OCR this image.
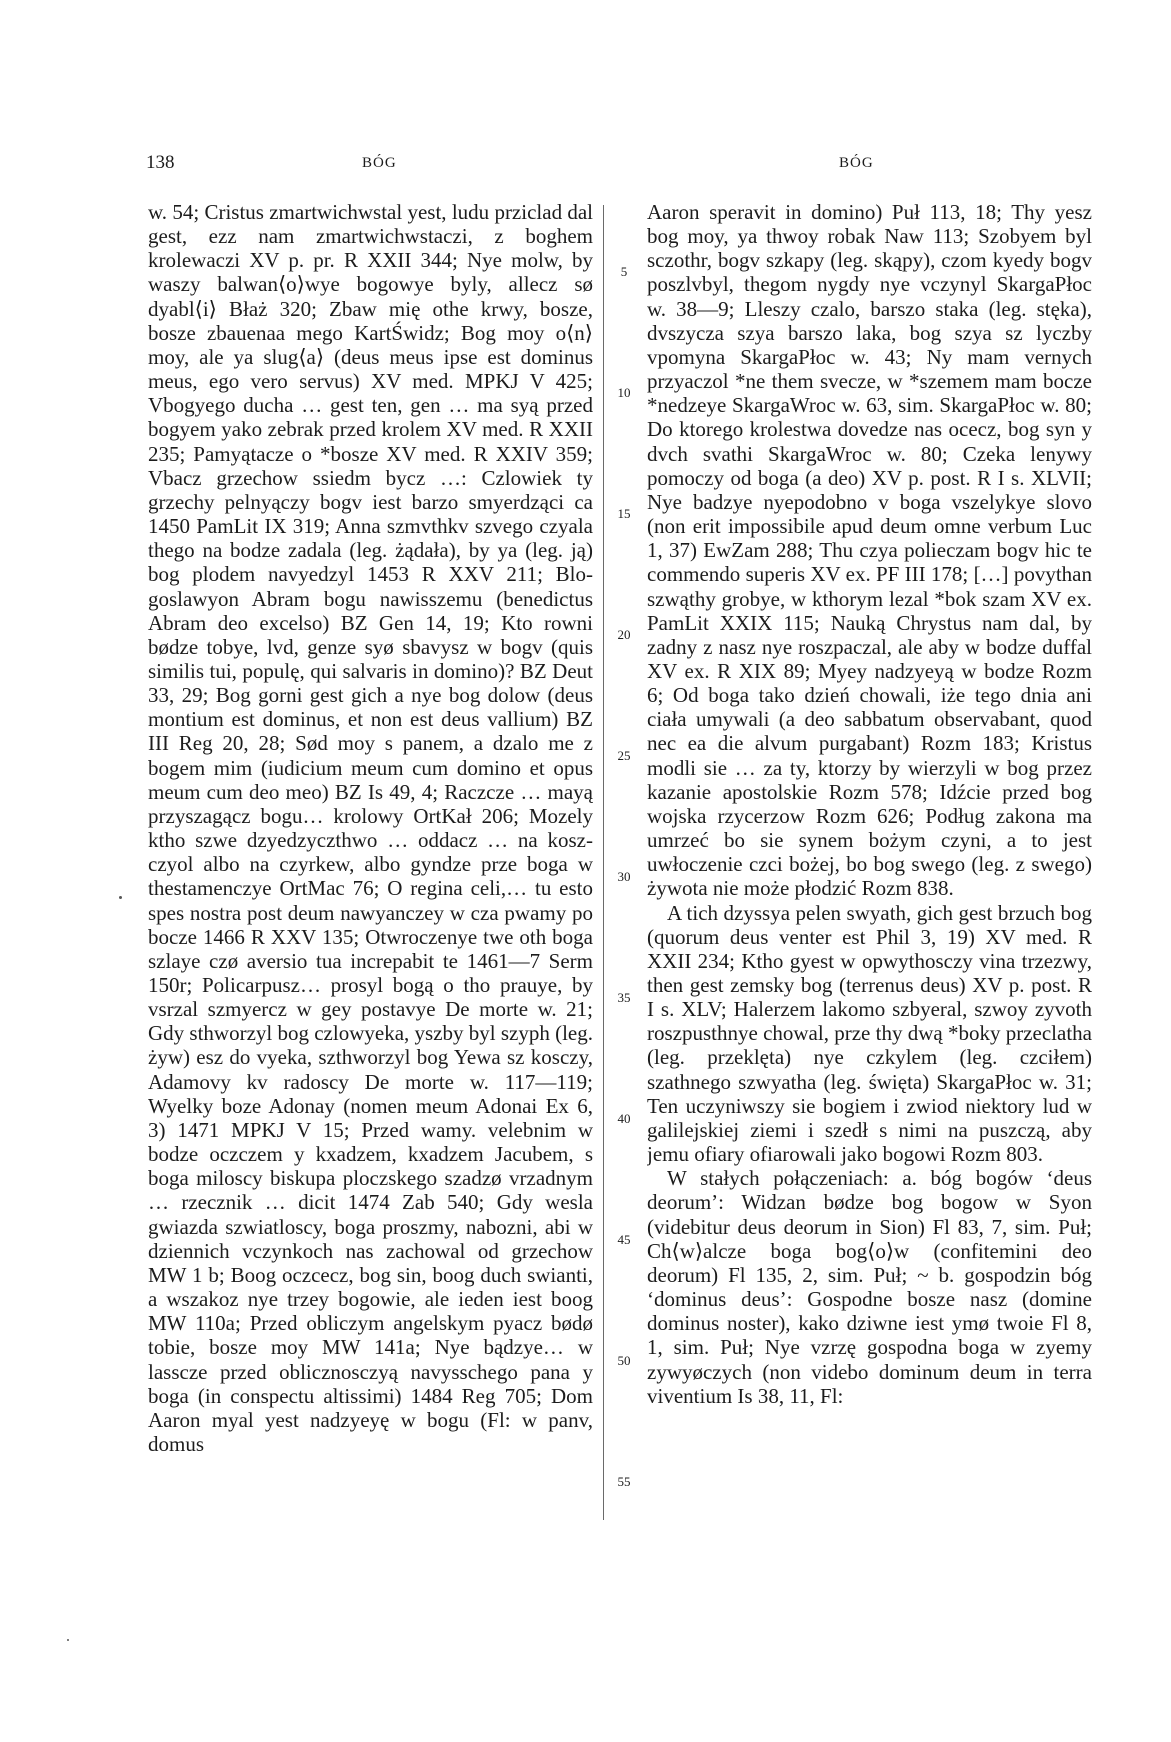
138	BÓG	BÓG

w. 54; Cristus zmartwichwstal yest, ludu prziclad dal gest, ezz nam zmartwichwstaczi, z boghem krolewaczi XV p. pr. R XXII 344; Nye molw, by waszy balwan⟨o⟩wye bogowye byly, allecz sø dyabl⟨i⟩ Błaż 320; Zbaw mię othe krwy, bosze, bosze zbauenaa mego KartŚwidz; Bog moy o⟨n⟩ moy, ale ya slug⟨a⟩ (deus meus ipse est dominus meus, ego vero servus) XV med. MPKJ V 425; Vbogyego ducha … gest ten, gen … ma syą przed bogyem yako zebrak przed krolem XV med. R XXII 235; Pamyątacze o *bosze XV med. R XXIV 359; Vbacz grzechow ssiedm bycz …: Czlowiek ty grzechy pelnyączy bogv iest barzo smyerdząci ca 1450 PamLit IX 319; Anna szmvthkv szvego czyala thego na bodze zadala (leg. żądała), by ya (leg. ją) bog plodem navyedzyl 1453 R XXV 211; Blogoslawyon Abram bogu nawisszemu (benedictus Abram deo excelso) BZ Gen 14, 19; Kto rowni bødze tobye, lvd, genze syø sbavysz w bogv (quis similis tui, populę, qui salvaris in domino)? BZ Deut 33, 29; Bog gorni gest gich a nye bog dolow (deus montium est dominus, et non est deus vallium) BZ III Reg 20, 28; Sød moy s panem, a dzalo me z bogem mim (iudicium meum cum domino et opus meum cum deo meo) BZ Is 49, 4; Raczcze … mayą przyszagącz bogu… krolowy OrtKał 206; Mozely ktho szwe dzyedzyczthwo … oddacz … na koszczyol albo na czyrkew, albo gyndze prze boga w thestamenczye OrtMac 76; O regina celi,… tu esto spes nostra post deum nawyanczey w cza pwamy po bocze 1466 R XXV 135; Otwroczenye twe oth boga szlaye czø aversio tua increpabit te 1461—7 Serm 150r; Policarpusz… prosyl bogą o tho prauye, by vsrzal szmyercz w gey postavye De morte w. 21; Gdy sthworzyl bog czlowyeka, yszby byl szyph (leg. żyw) esz do vyeka, szthworzyl bog Yewa sz kosczy, Adamovy kv radoscy De morte w. 117—119; Wyelky boze Adonay (nomen meum Adonai Ex 6, 3) 1471 MPKJ V 15; Przed wamy. velebnim w bodze oczczem y kxadzem, kxadzem Jacubem, s boga miloscy biskupa ploczskego szadzø vrzadnym … rzecznik … dicit 1474 Zab 540; Gdy wesla gwiazda szwiatloscy, boga proszmy, nabozni, abi w dziennich vczynkoch nas zachowal od grzechow MW 1 b; Boog oczcecz, bog sin, boog duch swianti, a wszakoz nye trzey bogowie, ale ieden iest boog MW 110a; Przed obliczym angelskym pyacz bødø tobie, bosze moy MW 141a; Nye bądzye… w lasscze przed oblicznosczyą navysschego pana y boga (in conspectu altissimi) 1484 Reg 705; Dom Aaron myal yest nadzyeyę w bogu (Fl: w panv, domus

5
10
15
20
25
30
35
40
45
50
55

Aaron speravit in domino) Puł 113, 18; Thy yesz bog moy, ya thwoy robak Naw 113; Szobyem byl sczothr, bogv szkapy (leg. skąpy), czom kyedy bogv poszlvbyl, thegom nygdy nye vczynyl SkargaPłoc w. 38—9; Lleszy czalo, barszo staka (leg. stęka), dvszycza szya barszo laka, bog szya sz lyczby vpomyna SkargaPłoc w. 43; Ny mam vernych przyaczol *ne them svecze, w *szemem mam bocze *nedzeye SkargaWroc w. 63, sim. SkargaPłoc w. 80; Do ktorego krolestwa dovedze nas ocecz, bog syn y dvch svathi SkargaWroc w. 80; Czeka lenywy pomoczy od boga (a deo) XV p. post. R I s. XLVII; Nye badzye nyepodobno v boga vszelykye slovo (non erit impossibile apud deum omne verbum Luc 1, 37) EwZam 288; Thu czya polieczam bogv hic te commendo superis XV ex. PF III 178; […] povythan szwąthy grobye, w kthorym lezal *bok szam XV ex. PamLit XXIX 115; Nauką Chrystus nam dal, by zadny z nasz nye roszpaczal, ale aby w bodze duffal XV ex. R XIX 89; Myey nadzyeyą w bodze Rozm 6; Od boga tako dzień chowali, iże tego dnia ani ciała umywali (a deo sabbatum observabant, quod nec ea die alvum purgabant) Rozm 183; Kristus modli sie … za ty, ktorzy by wierzyli w bog przez kazanie apostolskie Rozm 578; Idźcie przed bog wojska rzycerzow Rozm 626; Podług zakona ma umrzeć bo sie synem bożym czyni, a to jest uwłoczenie czci bożej, bo bog swego (leg. z swego) żywota nie może płodzić Rozm 838.

A tich dzyssya pelen swyath, gich gest brzuch bog (quorum deus venter est Phil 3, 19) XV med. R XXII 234; Ktho gyest w opwythosczy vina trzezwy, then gest zemsky bog (terrenus deus) XV p. post. R I s. XLV; Halerzem lakomo szbyeral, szwoy zyvoth roszpusthnye chowal, prze thy dwą *boky przeclatha (leg. przeklęta) nye czkylem (leg. czciłem) szathnego szwyatha (leg. święta) SkargaPłoc w. 31; Ten uczyniwszy sie bogiem i zwiod niektory lud w galilejskiej ziemi i szedł s nimi na puszczą, aby jemu ofiary ofiarowali jako bogowi Rozm 803.

W stałych połączeniach: a. bóg bogów ‘deus deorum’: Widzan bødze bog bogow w Syon (videbitur deus deorum in Sion) Fl 83, 7, sim. Puł; Ch⟨w⟩alcze boga bog⟨o⟩w (confitemini deo deorum) Fl 135, 2, sim. Puł; ~ b. gospodzin bóg ‘dominus deus’: Gospodne bosze nasz (domine dominus noster), kako dziwne iest ymø twoie Fl 8, 1, sim. Puł; Nye vzrzę gospodna boga w zyemy zywyøczych (non videbo dominum deum in terra viventium Is 38, 11, Fl:
